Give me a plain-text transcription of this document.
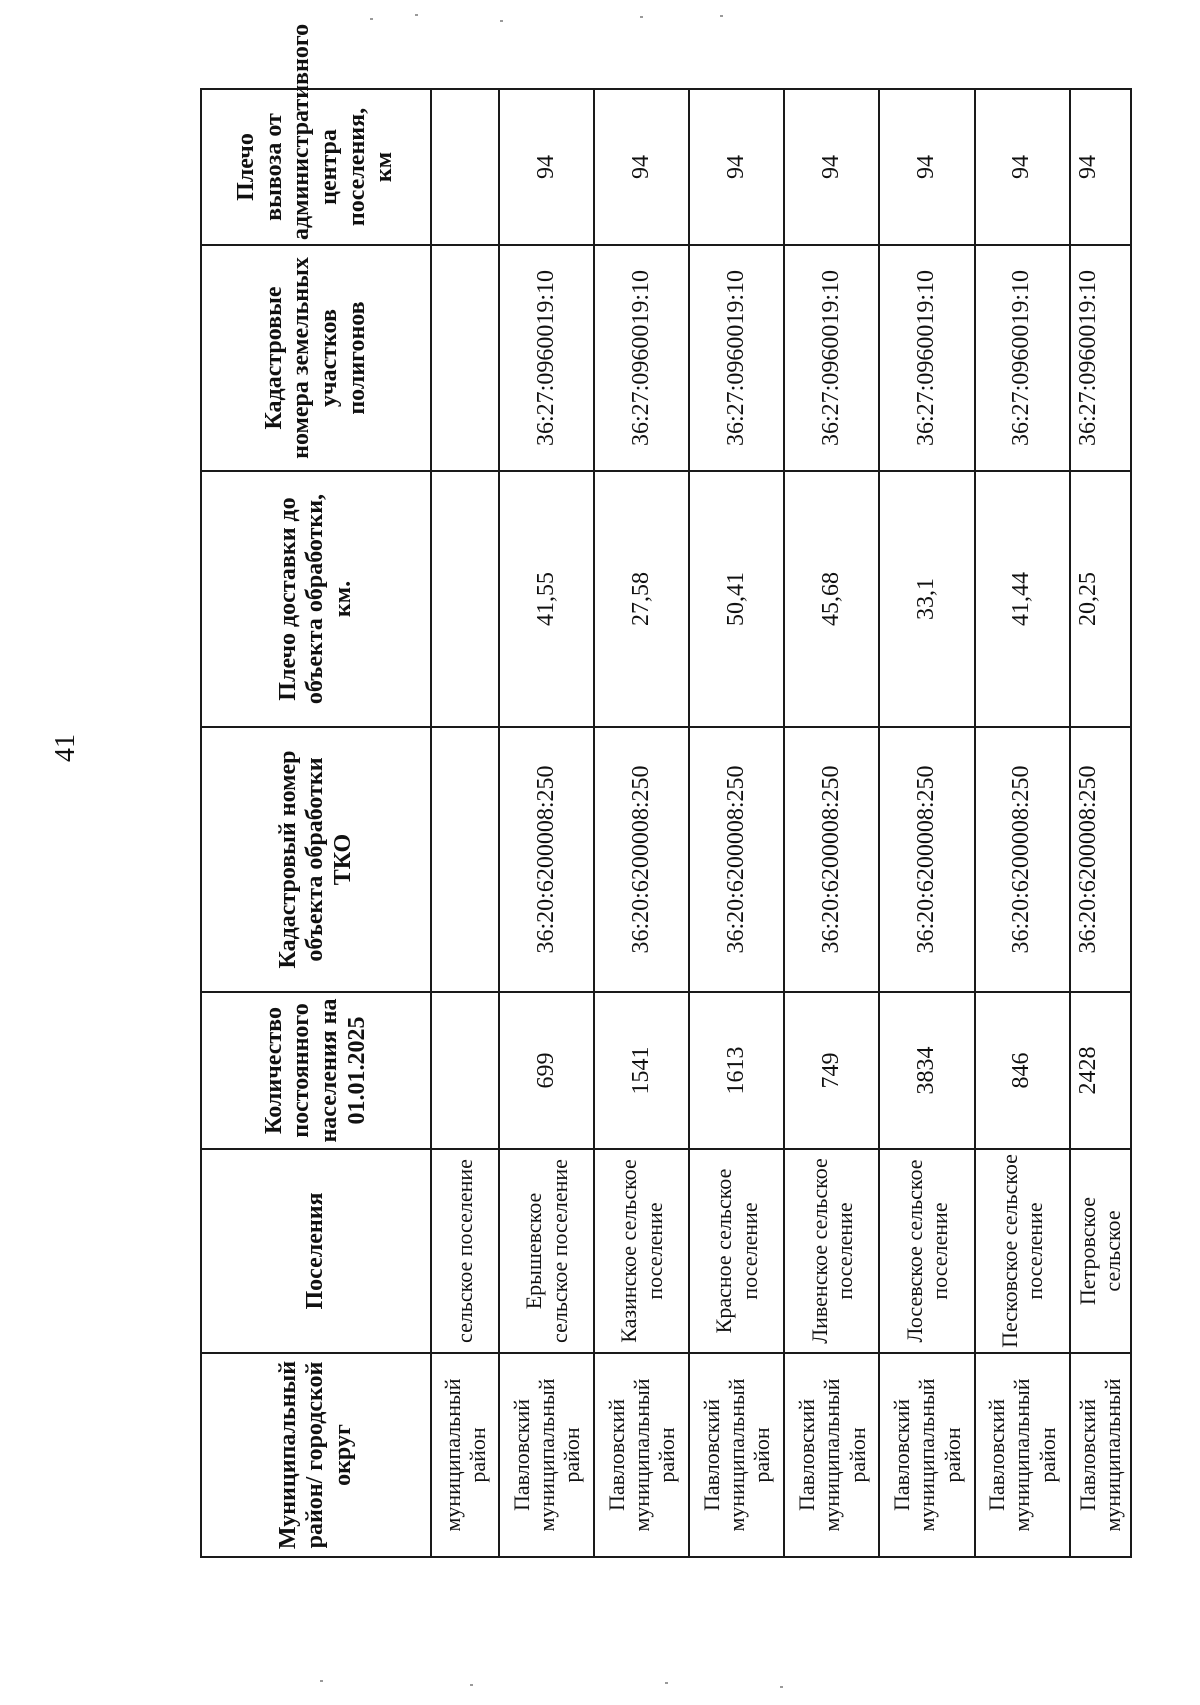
41
Муниципальный район/ городской округ	Поселения	Количество постоянного населения на 01.01.2025	Кадастровый номер объекта обработки ТКО	Плечо доставки до объекта обработки, км.	Кадастровые номера земельных участков полигонов	Плечо вывоза от административного центра поселения, км
муниципальный район	сельское поселение					
Павловский муниципальный район	Ерышевское сельское поселение	699	36:20:6200008:250	41,55	36:27:0960019:10	94
Павловский муниципальный район	Казинское сельское поселение	1541	36:20:6200008:250	27,58	36:27:0960019:10	94
Павловский муниципальный район	Красное сельское поселение	1613	36:20:6200008:250	50,41	36:27:0960019:10	94
Павловский муниципальный район	Ливенское сельское поселение	749	36:20:6200008:250	45,68	36:27:0960019:10	94
Павловский муниципальный район	Лосевское сельское поселение	3834	36:20:6200008:250	33,1	36:27:0960019:10	94
Павловский муниципальный район	Песковское сельское поселение	846	36:20:6200008:250	41,44	36:27:0960019:10	94
Павловский муниципальный	Петровское сельское	2428	36:20:6200008:250	20,25	36:27:0960019:10	94
